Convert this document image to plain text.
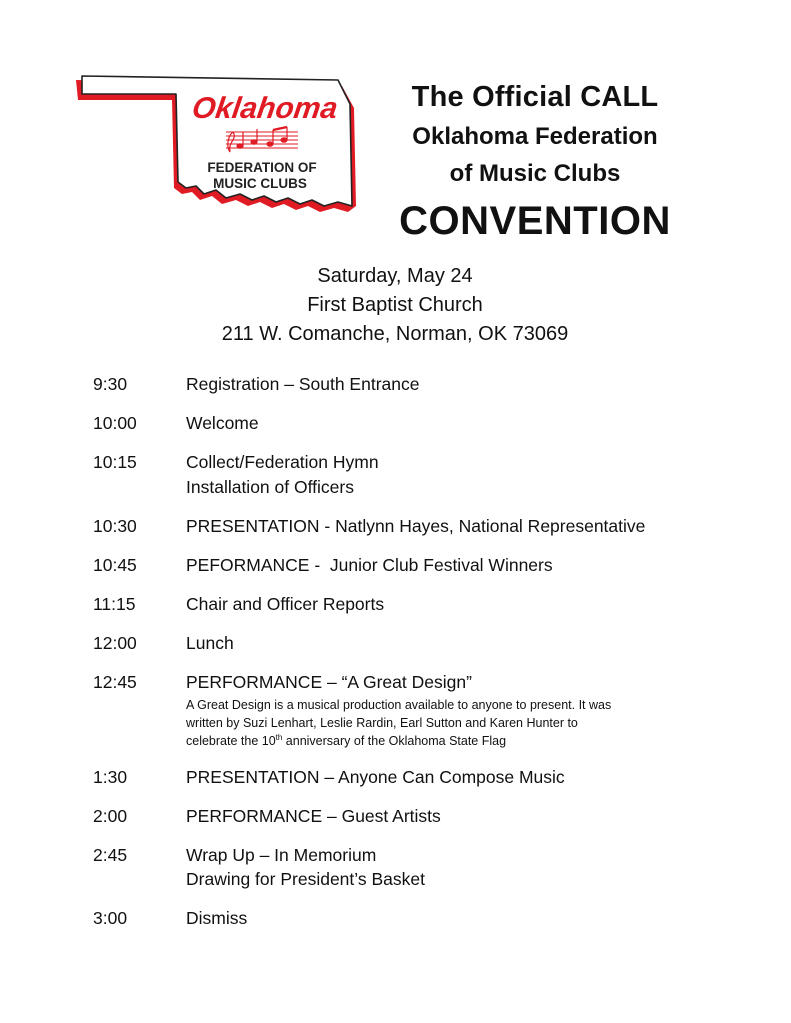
Oklahoma
FEDERATION OF
MUSIC CLUBS
The Official CALL
Oklahoma Federation
of Music Clubs
CONVENTION
Saturday, May 24
First Baptist Church
211 W. Comanche, Norman, OK 73069
9:30	Registration – South Entrance
10:00	Welcome
10:15	Collect/Federation Hymn
Installation of Officers
10:30	PRESENTATION - Natlynn Hayes, National Representative
10:45	PEFORMANCE -  Junior Club Festival Winners
11:15	Chair and Officer Reports
12:00	Lunch
12:45	PERFORMANCE – “A Great Design”
A Great Design is a musical production available to anyone to present. It was
written by Suzi Lenhart, Leslie Rardin, Earl Sutton and Karen Hunter to
celebrate the 10th anniversary of the Oklahoma State Flag
1:30	PRESENTATION – Anyone Can Compose Music
2:00	PERFORMANCE – Guest Artists
2:45	Wrap Up – In Memorium
Drawing for President’s Basket
3:00	Dismiss
